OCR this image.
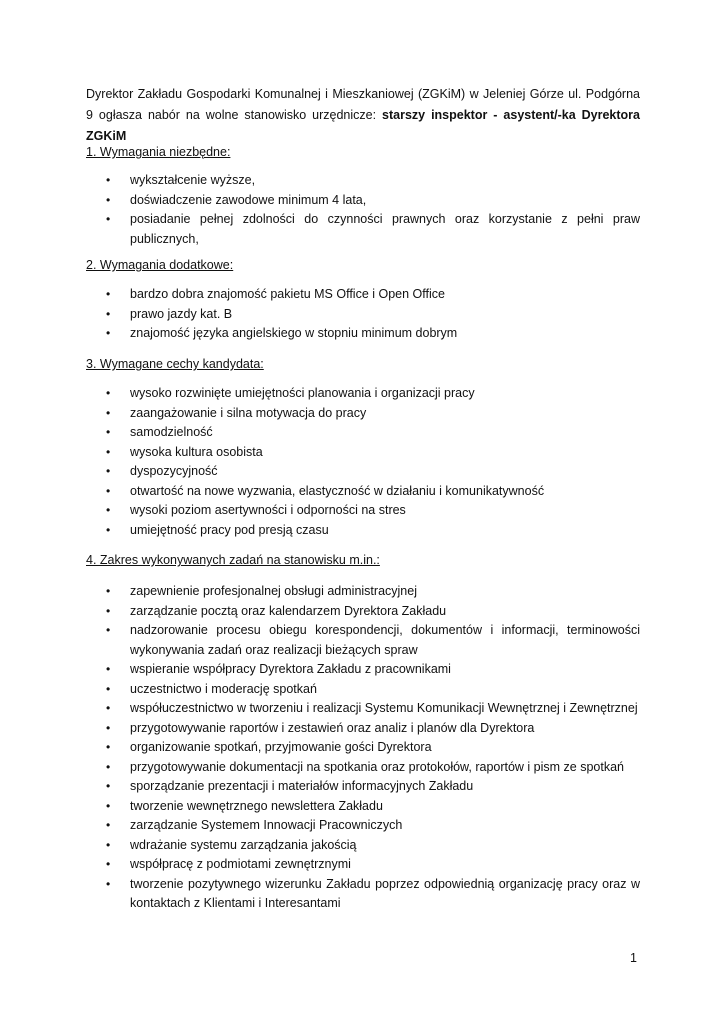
Dyrektor Zakładu Gospodarki Komunalnej i Mieszkaniowej (ZGKiM) w Jeleniej Górze ul. Podgórna 9 ogłasza nabór na wolne stanowisko urzędnicze: starszy inspektor - asystent/-ka Dyrektora ZGKiM

1. Wymagania niezbędne:

• wykształcenie wyższe,
• doświadczenie zawodowe minimum 4 lata,
• posiadanie pełnej zdolności do czynności prawnych oraz korzystanie z pełni praw publicznych,

2. Wymagania dodatkowe:

• bardzo dobra znajomość pakietu MS Office i Open Office
• prawo jazdy kat. B
• znajomość języka angielskiego w stopniu minimum dobrym

3. Wymagane cechy kandydata:

• wysoko rozwinięte umiejętności planowania i organizacji pracy
• zaangażowanie i silna motywacja do pracy
• samodzielność
• wysoka kultura osobista
• dyspozycyjność
• otwartość na nowe wyzwania, elastyczność w działaniu i komunikatywność
• wysoki poziom asertywności i odporności na stres
• umiejętność pracy pod presją czasu

4. Zakres wykonywanych zadań na stanowisku m.in.:

• zapewnienie profesjonalnej obsługi administracyjnej
• zarządzanie pocztą oraz kalendarzem Dyrektora Zakładu
• nadzorowanie procesu obiegu korespondencji, dokumentów i informacji, terminowości wykonywania zadań oraz realizacji bieżących spraw
• wspieranie współpracy Dyrektora Zakładu z pracownikami
• uczestnictwo i moderację spotkań
• współuczestnictwo w tworzeniu i realizacji Systemu Komunikacji Wewnętrznej i Zewnętrznej
• przygotowywanie raportów i zestawień oraz analiz i planów dla Dyrektora
• organizowanie spotkań, przyjmowanie gości Dyrektora
• przygotowywanie dokumentacji na spotkania oraz protokołów, raportów i pism ze spotkań
• sporządzanie prezentacji i materiałów informacyjnych Zakładu
• tworzenie wewnętrznego newslettera Zakładu
• zarządzanie Systemem Innowacji Pracowniczych
• wdrażanie systemu zarządzania jakością
• współpracę z podmiotami zewnętrznymi
• tworzenie pozytywnego wizerunku Zakładu poprzez odpowiednią organizację pracy oraz w kontaktach z Klientami i Interesantami

1
